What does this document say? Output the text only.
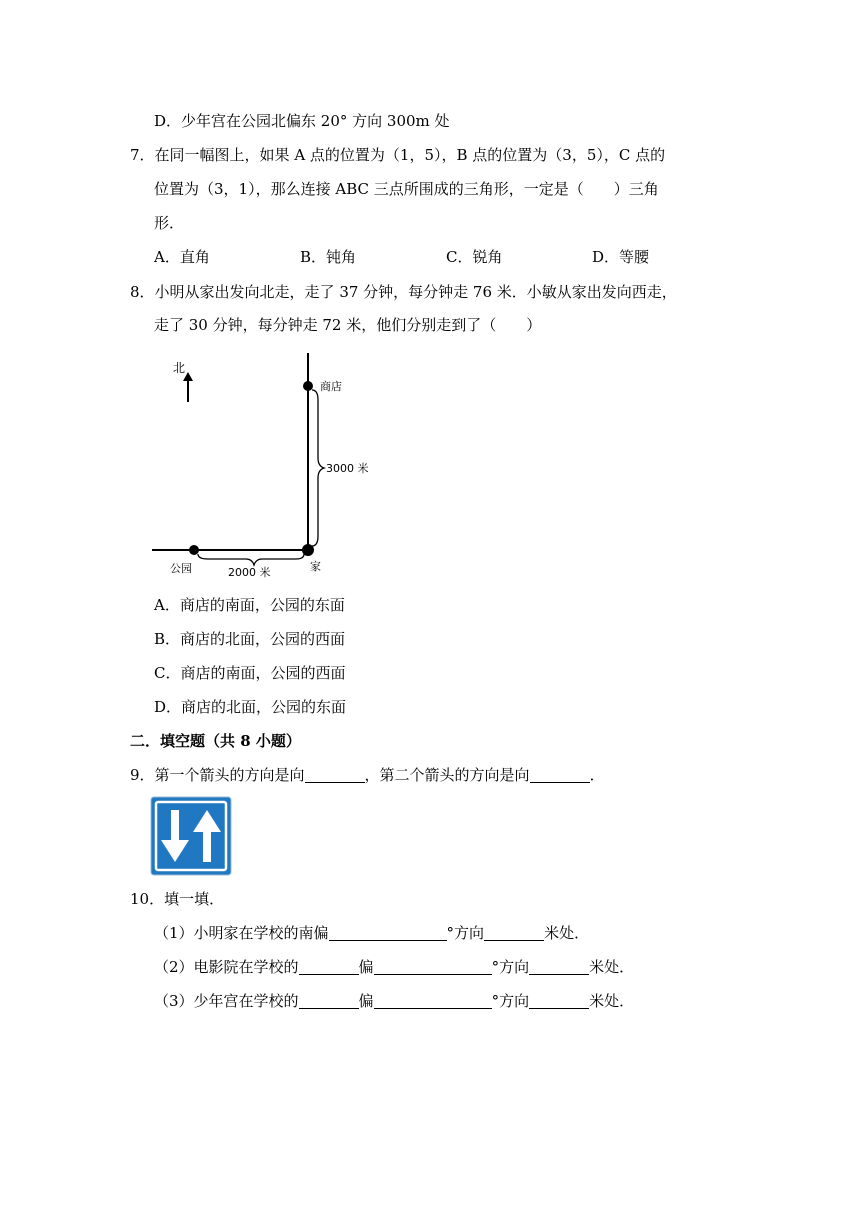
D．少年宫在公园北偏东 20° 方向 300m 处
7．在同一幅图上，如果 A 点的位置为（1，5），B 点的位置为（3，5），C 点的
位置为（3，1），那么连接 ABC 三点所围成的三角形，一定是（　　）三角
形．
A．直角	B．钝角	C．锐角	D．等腰
8．小明从家出发向北走，走了 37 分钟，每分钟走 76 米．小敏从家出发向西走，
走了 30 分钟，每分钟走 72 米，他们分别走到了（　　）
北
商店
3000 米
公园	家
2000 米
A．商店的南面，公园的东面
B．商店的北面，公园的西面
C．商店的南面，公园的西面
D．商店的北面，公园的东面
二．填空题（共 8 小题）
9．第一个箭头的方向是向	，第二个箭头的方向是向	．
10．填一填．
（1）小明家在学校的南偏	°方向	米处．
（2）电影院在学校的	偏	°方向	米处．
（3）少年宫在学校的	偏	°方向	米处．
